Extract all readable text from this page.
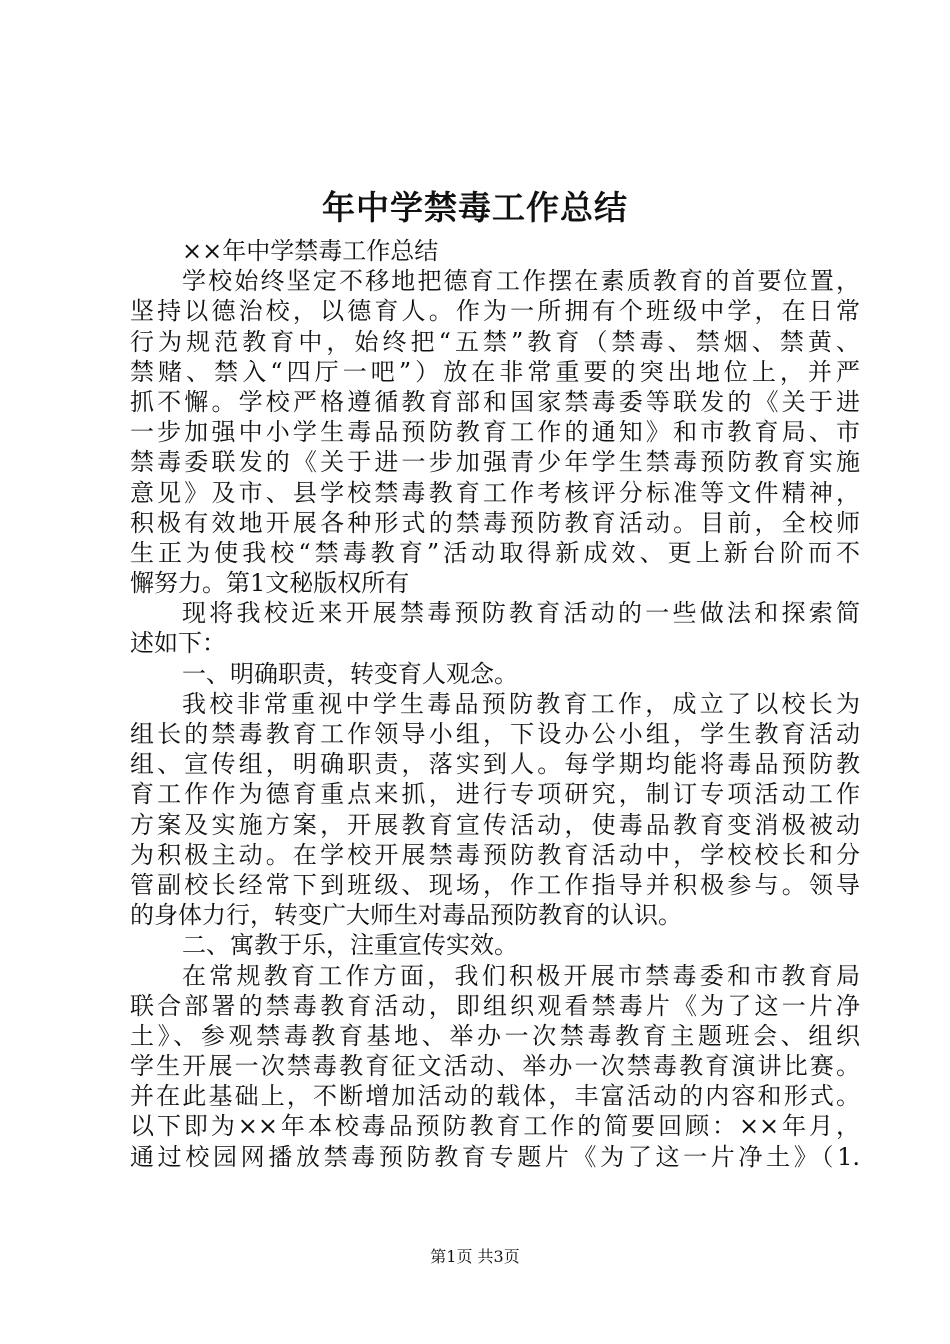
年中学禁毒工作总结
××年中学禁毒工作总结
学校始终坚定不移地把德育工作摆在素质教育的首要位置，
坚持以德治校，以德育人。作为一所拥有个班级中学，在日常
行为规范教育中，始终把“五禁”教育（禁毒、禁烟、禁黄、
禁赌、禁入“四厅一吧”）放在非常重要的突出地位上，并严
抓不懈。学校严格遵循教育部和国家禁毒委等联发的《关于进
一步加强中小学生毒品预防教育工作的通知》和市教育局、市
禁毒委联发的《关于进一步加强青少年学生禁毒预防教育实施
意见》及市、县学校禁毒教育工作考核评分标准等文件精神，
积极有效地开展各种形式的禁毒预防教育活动。目前，全校师
生正为使我校“禁毒教育”活动取得新成效、更上新台阶而不
懈努力。第1文秘版权所有
现将我校近来开展禁毒预防教育活动的一些做法和探索简
述如下：
一、明确职责，转变育人观念。
我校非常重视中学生毒品预防教育工作，成立了以校长为
组长的禁毒教育工作领导小组，下设办公小组，学生教育活动
组、宣传组，明确职责，落实到人。每学期均能将毒品预防教
育工作作为德育重点来抓，进行专项研究，制订专项活动工作
方案及实施方案，开展教育宣传活动，使毒品教育变消极被动
为积极主动。在学校开展禁毒预防教育活动中，学校校长和分
管副校长经常下到班级、现场，作工作指导并积极参与。领导
的身体力行，转变广大师生对毒品预防教育的认识。
二、寓教于乐，注重宣传实效。
在常规教育工作方面，我们积极开展市禁毒委和市教育局
联合部署的禁毒教育活动，即组织观看禁毒片《为了这一片净
土》、参观禁毒教育基地、举办一次禁毒教育主题班会、组织
学生开展一次禁毒教育征文活动、举办一次禁毒教育演讲比赛。
并在此基础上，不断增加活动的载体，丰富活动的内容和形式。
以下即为××年本校毒品预防教育工作的简要回顾：××年月，
通过校园网播放禁毒预防教育专题片《为了这一片净土》（1.
第1页 共3页
